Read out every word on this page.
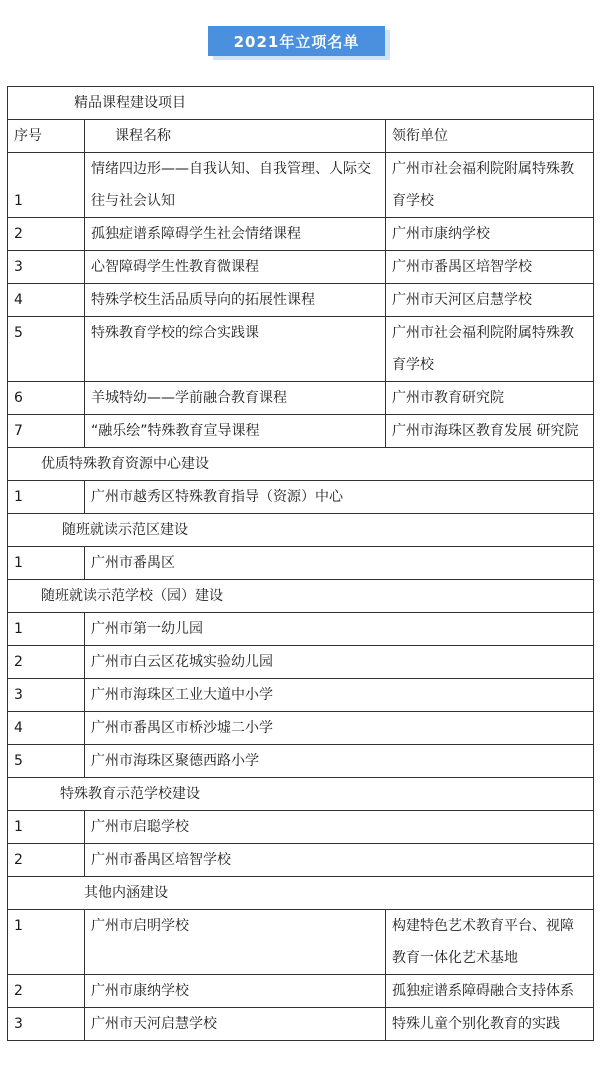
2021年立项名单
精品课程建设项目		
序号	课程名称	领衔单位
1	情绪四边形——自我认知、自我管理、人际交往与社会认知	广州市社会福利院附属特殊教育学校
2	孤独症谱系障碍学生社会情绪课程	广州市康纳学校
3	心智障碍学生性教育微课程	广州市番禺区培智学校
4	特殊学校生活品质导向的拓展性课程	广州市天河区启慧学校
5	特殊教育学校的综合实践课	广州市社会福利院附属特殊教育学校
6	羊城特幼——学前融合教育课程	广州市教育研究院
7	“融乐绘”特殊教育宣导课程	广州市海珠区教育发展 研究院
优质特殊教育资源中心建设		
1	广州市越秀区特殊教育指导（资源）中心	
随班就读示范区建设		
1	广州市番禺区	
随班就读示范学校（园）建设		
1	广州市第一幼儿园	
2	广州市白云区花城实验幼儿园	
3	广州市海珠区工业大道中小学	
4	广州市番禺区市桥沙墟二小学	
5	广州市海珠区聚德西路小学	
特殊教育示范学校建设		
1	广州市启聪学校	
2	广州市番禺区培智学校	
其他内涵建设		
1	广州市启明学校	构建特色艺术教育平台、视障教育一体化艺术基地
2	广州市康纳学校	孤独症谱系障碍融合支持体系
3	广州市天河启慧学校	特殊儿童个别化教育的实践
